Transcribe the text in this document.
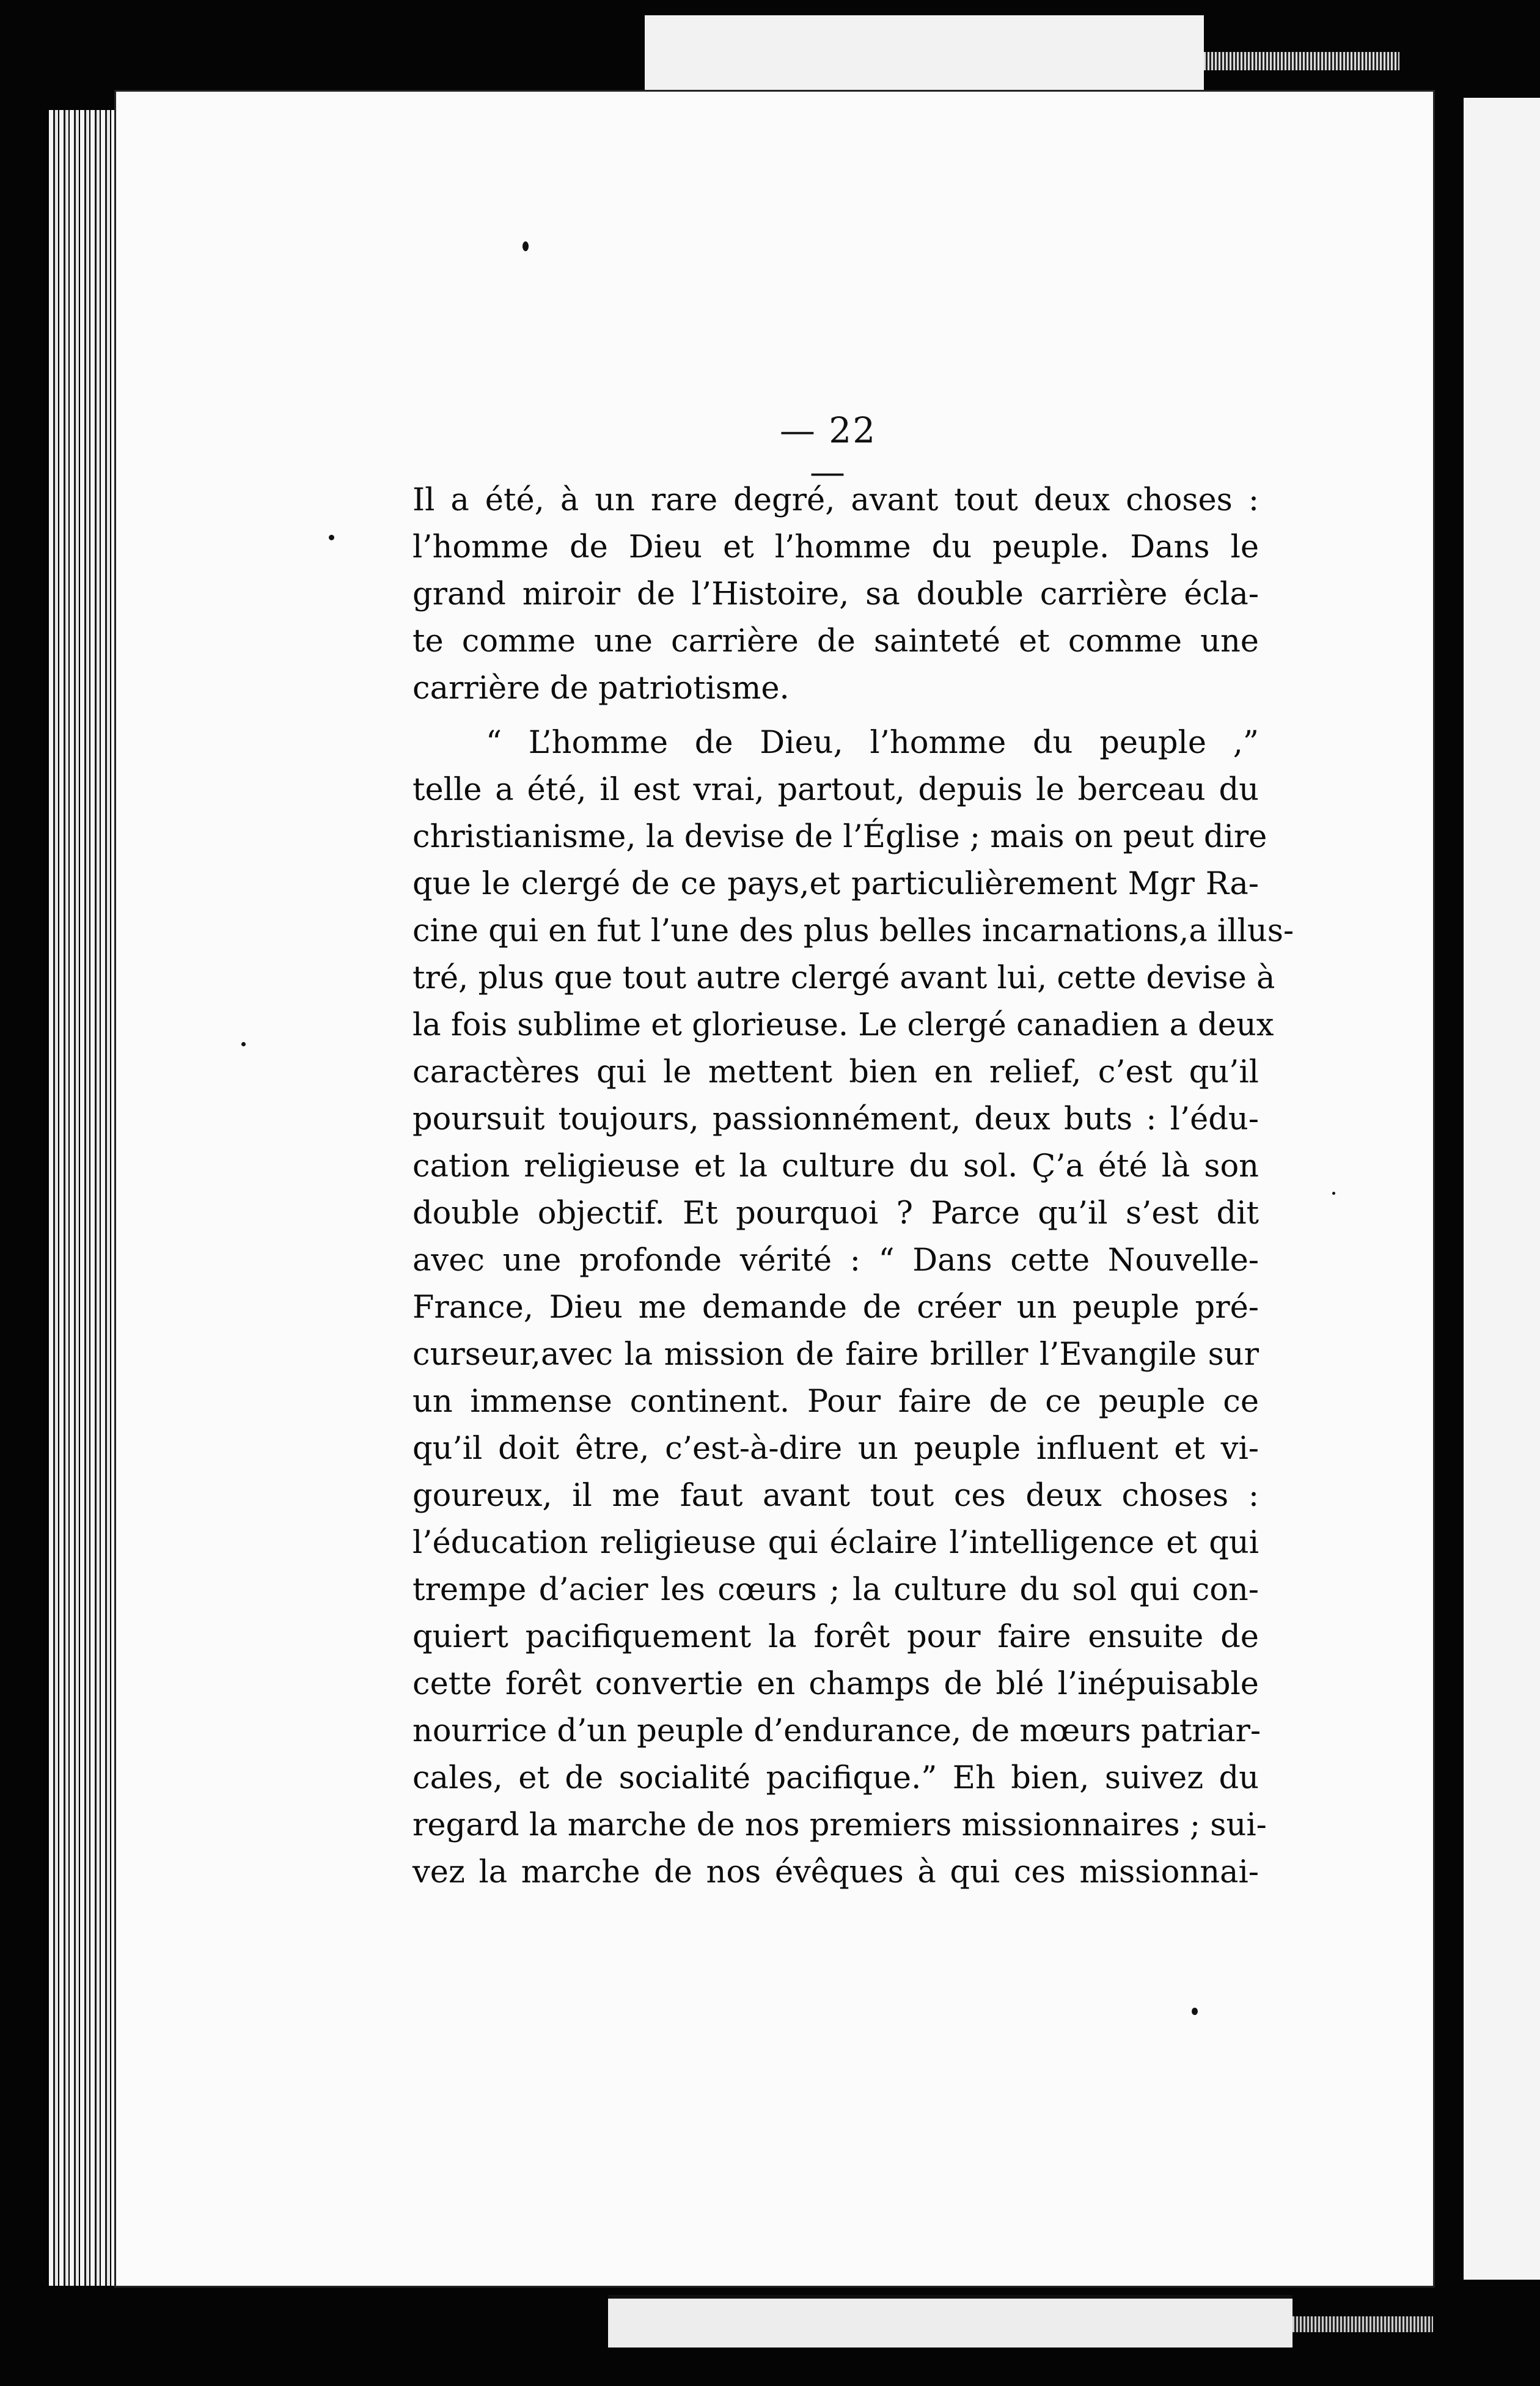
— 22 —
Il a été, à un rare degré, avant tout deux choses :
l’homme de Dieu et l’homme du peuple. Dans le
grand miroir de l’Histoire, sa double carrière écla-
te comme une carrière de sainteté et comme une
carrière de patriotisme.
“ L’homme de Dieu, l’homme du peuple ,”
telle a été, il est vrai, partout, depuis le berceau du
christianisme, la devise de l’Église ; mais on peut dire
que le clergé de ce pays,et particulièrement Mgr Ra-
cine qui en fut l’une des plus belles incarnations,a illus-
tré, plus que tout autre clergé avant lui, cette devise à
la fois sublime et glorieuse. Le clergé canadien a deux
caractères qui le mettent bien en relief, c’est qu’il
poursuit toujours, passionnément, deux buts : l’édu-
cation religieuse et la culture du sol. Ç’a été là son
double objectif. Et pourquoi ? Parce qu’il s’est dit
avec une profonde vérité : “ Dans cette Nouvelle-
France, Dieu me demande de créer un peuple pré-
curseur,avec la mission de faire briller l’Evangile sur
un immense continent. Pour faire de ce peuple ce
qu’il doit être, c’est-à-dire un peuple influent et vi-
goureux, il me faut avant tout ces deux choses :
l’éducation religieuse qui éclaire l’intelligence et qui
trempe d’acier les cœurs ; la culture du sol qui con-
quiert pacifiquement la forêt pour faire ensuite de
cette forêt convertie en champs de blé l’inépuisable
nourrice d’un peuple d’endurance, de mœurs patriar-
cales, et de socialité pacifique.” Eh bien, suivez du
regard la marche de nos premiers missionnaires ; sui-
vez la marche de nos évêques à qui ces missionnai-
